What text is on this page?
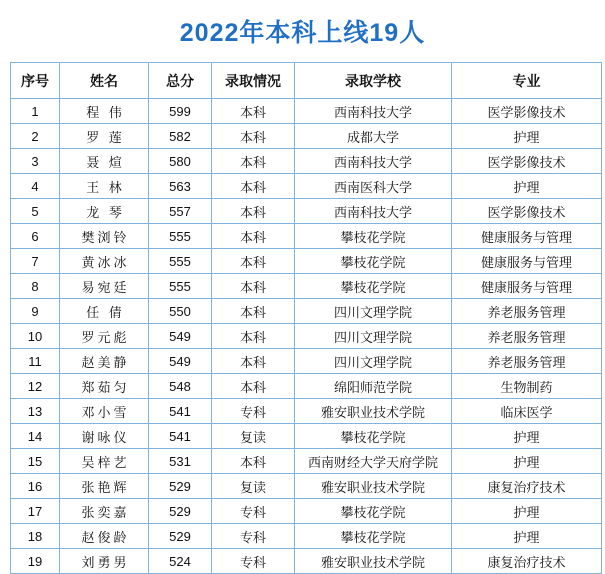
2022年本科上线19人
序号	姓名	总分	录取情况	录取学校	专业
1	程 伟	599	本科	西南科技大学	医学影像技术
2	罗 莲	582	本科	成都大学	护理
3	聂 煊	580	本科	西南科技大学	医学影像技术
4	王 林	563	本科	西南医科大学	护理
5	龙 琴	557	本科	西南科技大学	医学影像技术
6	樊浏铃	555	本科	攀枝花学院	健康服务与管理
7	黄冰冰	555	本科	攀枝花学院	健康服务与管理
8	易宛廷	555	本科	攀枝花学院	健康服务与管理
9	任 倩	550	本科	四川文理学院	养老服务管理
10	罗元彪	549	本科	四川文理学院	养老服务管理
11	赵美静	549	本科	四川文理学院	养老服务管理
12	郑茹匀	548	本科	绵阳师范学院	生物制药
13	邓小雪	541	专科	雅安职业技术学院	临床医学
14	谢咏仪	541	复读	攀枝花学院	护理
15	吴梓艺	531	本科	西南财经大学天府学院	护理
16	张艳辉	529	复读	雅安职业技术学院	康复治疗技术
17	张奕嘉	529	专科	攀枝花学院	护理
18	赵俊龄	529	专科	攀枝花学院	护理
19	刘勇男	524	专科	雅安职业技术学院	康复治疗技术
